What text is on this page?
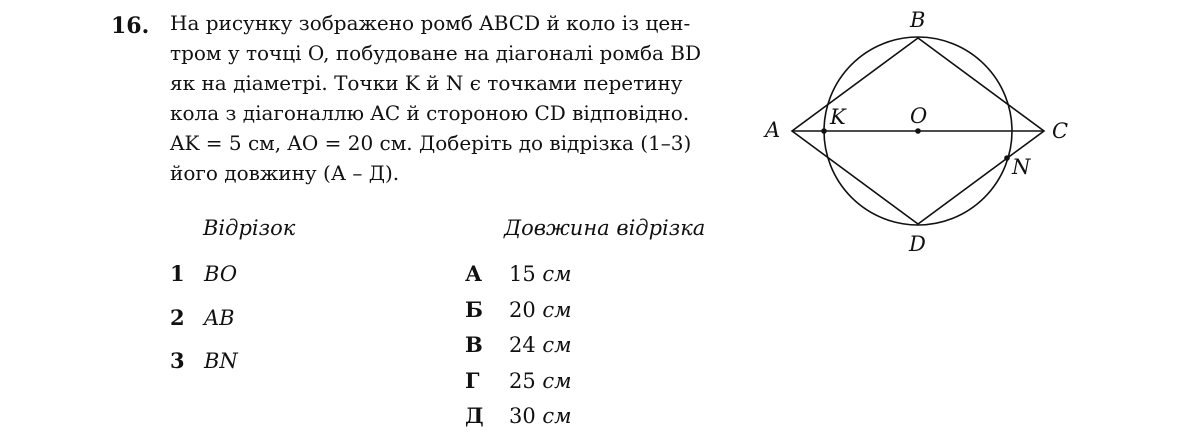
16. На рисунку зображено ромб ABCD й коло із цен-
тром у точці O, побудоване на діагоналі ромба BD
як на діаметрі. Точки K й N є точками перетину
кола з діагоналлю AC й стороною CD відповідно.
AK = 5 см, AO = 20 см. Доберіть до відрізка (1–3)
його довжину (А – Д).
Відрізок	Довжина відрізка
1 BO
2 AB
3 BN
А 15 см
Б 20 см
В 24 см
Г 25 см
Д 30 см
B
A	C
D
K	O
N
